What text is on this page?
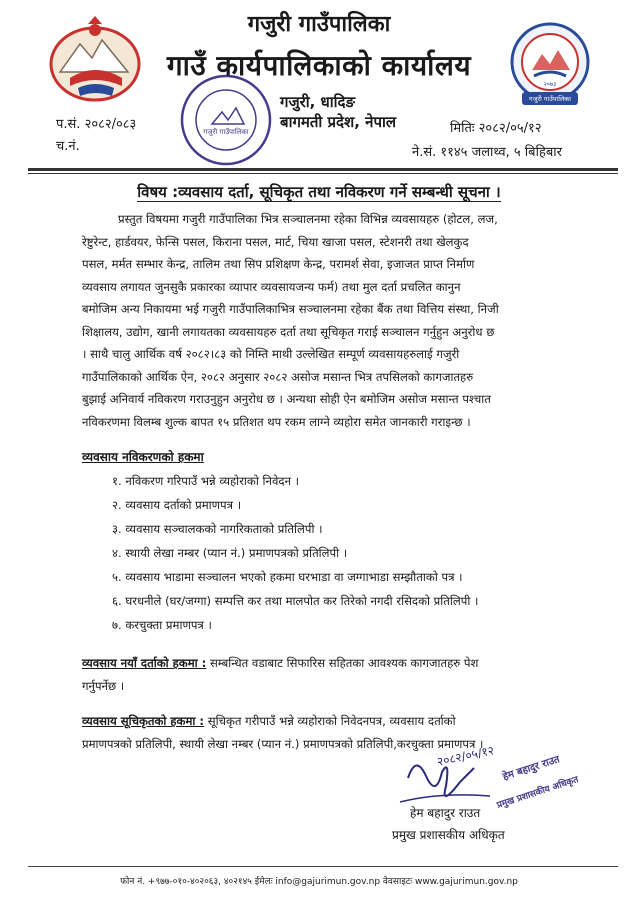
गजुरी गाउँपालिका
गजुरी गाउँपालिका
२०७३
गजुरी गाउँपालिका
गाउँ कार्यपालिकाको कार्यालय
गजुरी, धादिङ
बागमती प्रदेश, नेपाल
प.सं. २०८२/०८३
च.नं.
मितिः २०८२/०५/१२
ने.सं. ११४५ जलाथ्व, ५ बिहिबार
विषय :व्यवसाय दर्ता, सूचिकृत तथा नविकरण गर्ने सम्बन्धी सूचना ।
प्रस्तुत विषयमा गजुरी गाउँपालिका भित्र सञ्चालनमा रहेका विभिन्न व्यवसायहरु (होटल, लज,
रेष्टुरेन्ट, हार्डवयर, फेन्सि पसल, किराना पसल, मार्ट, चिया खाजा पसल, स्टेशनरी तथा खेलकुद
पसल, मर्मत सम्भार केन्द्र, तालिम तथा सिप प्रशिक्षण केन्द्र, परामर्श सेवा, इजाजत प्राप्त निर्माण
व्यवसाय लगायत जुनसुकै प्रकारका व्यापार व्यवसायजन्य फर्म) तथा मुल दर्ता प्रचलित कानुन
बमोजिम अन्य निकायमा भई गजुरी गाउँपालिकाभित्र सञ्चालनमा रहेका बैंक तथा वित्तिय संस्था, निजी
शिक्षालय, उद्योग, खानी लगायतका व्यवसायहरु दर्ता तथा सूचिकृत गराई सञ्चालन गर्नुहुन अनुरोध छ
। साथै चालु आर्थिक वर्ष २०८२।८३ को निम्ति माथी उल्लेखित सम्पूर्ण व्यवसायहरुलाई गजुरी
गाउँपालिकाको आर्थिक ऐन, २०८२ अनुसार २०८२ असोज मसान्त भित्र तपसिलको कागजातहरु
बुझाई अनिवार्य नविकरण गराउनुहुन अनुरोध छ । अन्यथा सोही ऐन बमोजिम असोज मसान्त पश्चात
नविकरणमा विलम्ब शुल्क बापत १५ प्रतिशत थप रकम लाग्ने व्यहोरा समेत जानकारी गराइन्छ ।
व्यवसाय नविकरणको हकमा
१. नविकरण गरिपाउँ भन्ने व्यहोराको निवेदन ।
२. व्यवसाय दर्ताको प्रमाणपत्र ।
३. व्यवसाय सञ्चालकको नागरिकताको प्रतिलिपी ।
४. स्थायी लेखा नम्बर (प्यान नं.) प्रमाणपत्रको प्रतिलिपी ।
५. व्यवसाय भाडामा सञ्चालन भएको हकमा घरभाडा वा जग्गाभाडा सम्झौताको पत्र ।
६. घरधनीले (घर/जग्गा) सम्पत्ति कर तथा मालपोत कर तिरेको नगदी रसिदको प्रतिलिपी ।
७. करचुक्ता प्रमाणपत्र ।
व्यवसाय नयाँ दर्ताको हकमा : सम्बन्धित वडाबाट सिफारिस सहितका आवश्यक कागजातहरु पेश
गर्नुपर्नेछ ।
व्यवसाय सूचिकृतको हकमा : सूचिकृत गरीपाउँ भन्ने व्यहोराको निवेदनपत्र, व्यवसाय दर्ताको
प्रमाणपत्रको प्रतिलिपी, स्थायी लेखा नम्बर (प्यान नं.) प्रमाणपत्रको प्रतिलिपी,करचुक्ता प्रमाणपत्र ।
२०८२/०५/१२ हेम बहादुर राउत
प्रमुख प्रशासकीय अधिकृत
हेम बहादुर राउत
प्रमुख प्रशासकीय अधिकृत
फोन नं. +९७७-०१०-४०२०६३, ४०२१४५ ईमेलः info@gajurimun.gov.np वेवसाइटः www.gajurimun.gov.np
